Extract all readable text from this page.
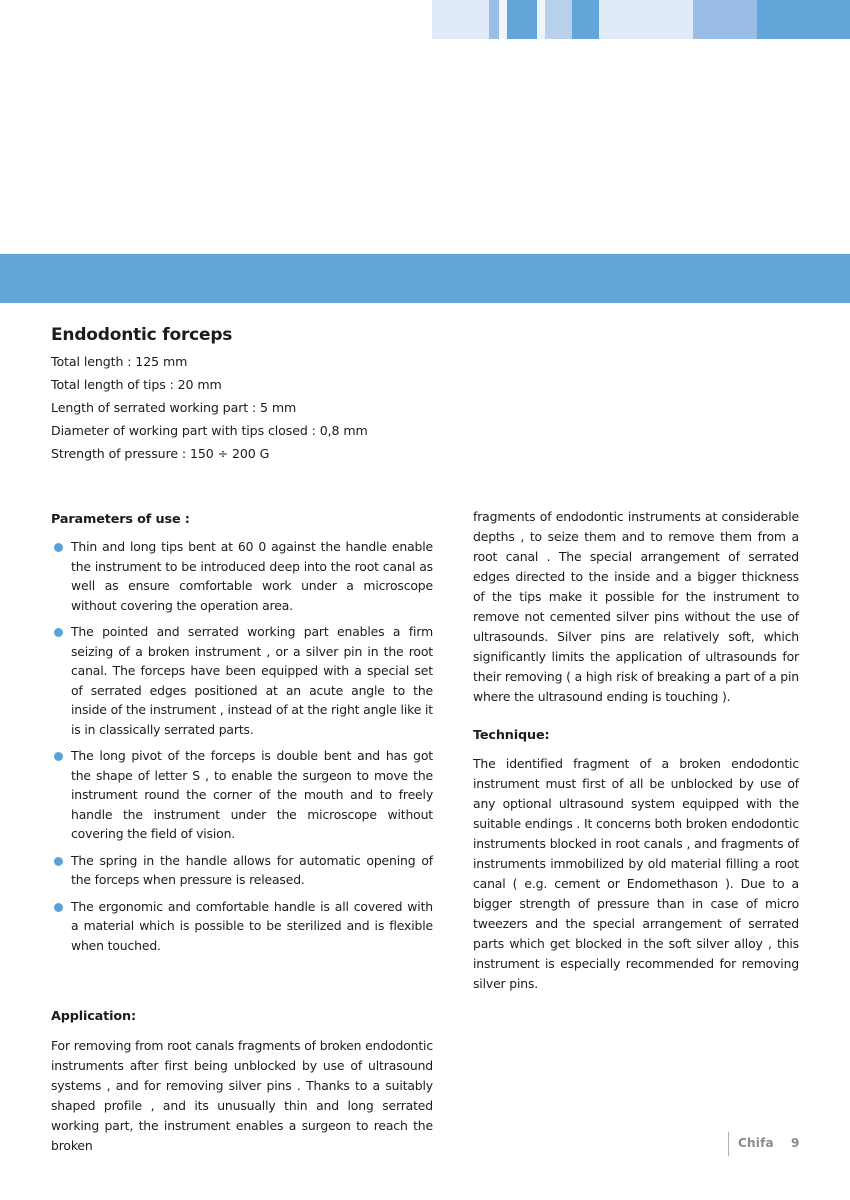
Endodontic forceps
Total length : 125 mm
Total length of tips : 20 mm
Length of serrated working part : 5 mm
Diameter of working part with tips closed : 0,8 mm
Strength of pressure : 150 ÷ 200 G
Parameters of use :
Thin and long tips bent at 60 0 against the handle enable the instrument to be introduced deep into the root canal as well as ensure comfortable work under a microscope without covering the operation area.
The pointed and serrated working part enables a firm seizing of a broken instrument , or a silver pin in the root canal. The forceps have been equipped with a special set of serrated edges positioned at an acute angle to the inside of the instrument , instead of at the right angle like it is in classically serrated parts.
The long pivot of the forceps is double bent and has got the shape of letter S , to enable the surgeon to move the instrument round the corner of the mouth and to freely handle the instrument under the microscope without covering the field of vision.
The spring in the handle allows for automatic opening of the forceps when pressure is released.
The ergonomic and comfortable handle is all covered with a material which is possible to be sterilized and is flexible when touched.
Application:
For removing from root canals fragments of broken endodontic instruments after first being unblocked by use of ultrasound systems , and for removing silver pins . Thanks to a suitably shaped profile , and its unusually thin and long serrated working part, the instrument enables a surgeon to reach the broken
fragments of endodontic instruments at considerable depths , to seize them and to remove them from a root canal . The special arrangement of serrated edges directed to the inside and a bigger thickness of the tips make it possible for the instrument to remove not cemented silver pins without the use of ultrasounds. Silver pins are relatively soft, which significantly limits the application of ultrasounds for their removing ( a high risk of breaking a part of a pin where the ultrasound ending is touching ).
Technique:
The identified fragment of a broken endodontic instrument must first of all be unblocked by use of any optional ultrasound system equipped with the suitable endings . It concerns both broken endodontic instruments blocked in root canals , and fragments of instruments immobilized by old material filling a root canal ( e.g. cement or Endomethason ). Due to a bigger strength of pressure than in case of micro tweezers and the special arrangement of serrated parts which get blocked in the soft silver alloy , this instrument is especially recommended for removing silver pins.
Chifa 9
